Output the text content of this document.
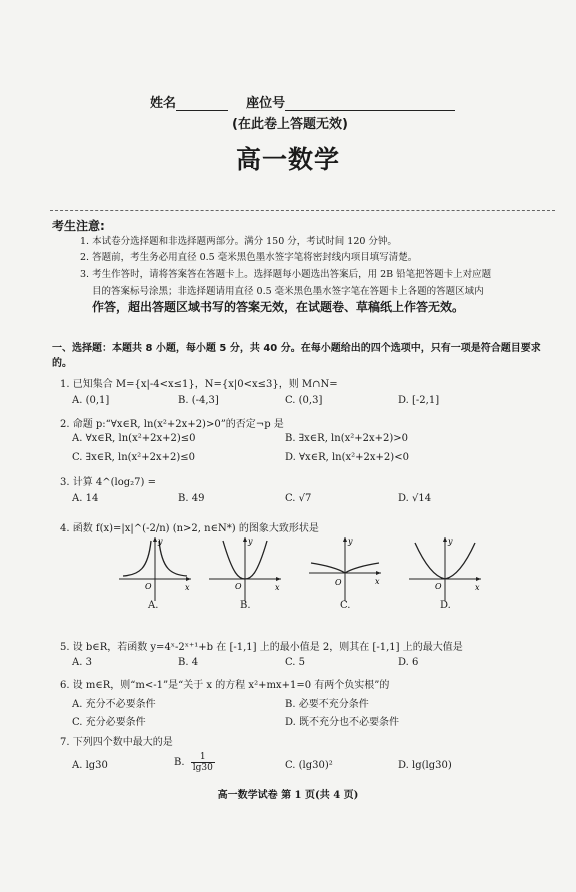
姓名	座位号
(在此卷上答题无效)
高一数学
考生注意:
1. 本试卷分选择题和非选择题两部分。满分 150 分，考试时间 120 分钟。
2. 答题前，考生务必用直径 0.5 毫米黑色墨水签字笔将密封线内项目填写清楚。
3. 考生作答时，请将答案答在答题卡上。选择题每小题选出答案后，用 2B 铅笔把答题卡上对应题
目的答案标号涂黑；非选择题请用直径 0.5 毫米黑色墨水签字笔在答题卡上各题的答题区域内
作答，超出答题区域书写的答案无效，在试题卷、草稿纸上作答无效。
一、选择题：本题共 8 小题，每小题 5 分，共 40 分。在每小题给出的四个选项中，只有一项是符合题目要求的。
1. 已知集合 M={x|-4<x≤1}，N={x|0<x≤3}，则 M∩N=
A. (0,1]	B. (-4,3]	C. (0,3]	D. [-2,1]
2. 命题 p:“∀x∈R, ln(x²+2x+2)>0”的否定¬p 是
A. ∀x∈R, ln(x²+2x+2)≤0	B. ∃x∈R, ln(x²+2x+2)>0
C. ∃x∈R, ln(x²+2x+2)≤0	D. ∀x∈R, ln(x²+2x+2)<0
3. 计算 4^(log₂7) =
A. 14	B. 49	C. √7	D. √14
4. 函数 f(x)=|x|^(-2/n) (n>2, n∈N*) 的图象大致形状是
O	x
y
O	x
y
O	x
y
O	x
y
A.	B.	C.	D.
5. 设 b∈R，若函数 y=4ˣ-2ˣ⁺¹+b 在 [-1,1] 上的最小值是 2，则其在 [-1,1] 上的最大值是
A. 3	B. 4	C. 5	D. 6
6. 设 m∈R，则“m<-1”是“关于 x 的方程 x²+mx+1=0 有两个负实根”的
A. 充分不必要条件	B. 必要不充分条件
C. 充分必要条件	D. 既不充分也不必要条件
7. 下列四个数中最大的是
A. lg30	B. $\frac{1}{\lg 30}$	C. (lg30)²	D. lg(lg30)
高一数学试卷 第 1 页(共 4 页)
